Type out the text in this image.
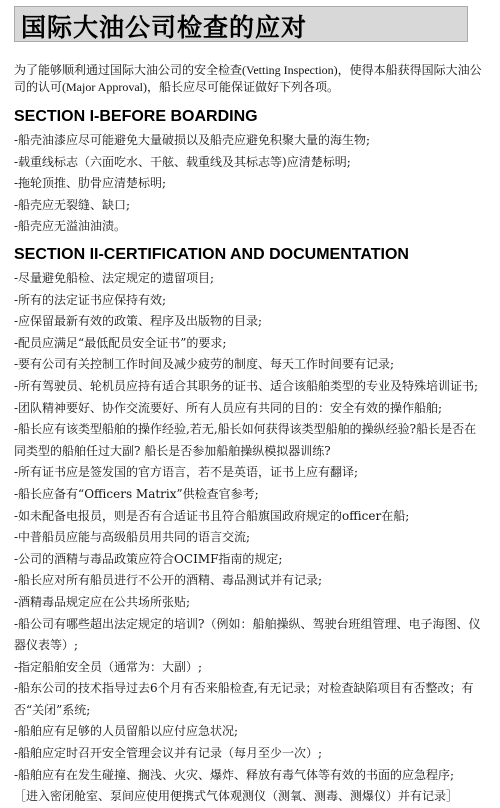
国际大油公司检查的应对
为了能够顺利通过国际大油公司的安全检查(Vetting Inspection)，使得本船获得国际大油公司的认可(Major Approval)，船长应尽可能保证做好下列各项。
SECTION I-BEFORE BOARDING
-船壳油漆应尽可能避免大量破损以及船壳应避免积聚大量的海生物;
-载重线标志（六面吃水、干舷、载重线及其标志等)应清楚标明;
-拖轮顶推、肋骨应清楚标明;
-船壳应无裂缝、缺口;
-船壳应无溢油油渍。
SECTION II-CERTIFICATION AND DOCUMENTATION
-尽量避免船检、法定规定的遗留项目;
-所有的法定证书应保持有效;
-应保留最新有效的政策、程序及出版物的目录;
-配员应满足“最低配员安全证书”的要求;
-要有公司有关控制工作时间及减少疲劳的制度、每天工作时间要有记录;
-所有驾驶员、轮机员应持有适合其职务的证书、适合该船舶类型的专业及特殊培训证书;
-团队精神要好、协作交流要好、所有人员应有共同的目的：安全有效的操作船舶;
-船长应有该类型船舶的操作经验,若无,船长如何获得该类型船舶的操纵经验?船长是否在同类型的船舶任过大副? 船长是否参加船舶操纵模拟器训练?
-所有证书应是签发国的官方语言，若不是英语，证书上应有翻译;
-船长应备有“Officers Matrix”供检查官参考;
-如未配备电报员，则是否有合适证书且符合船旗国政府规定的officer在船;
-中普船员应能与高级船员用共同的语言交流;
-公司的酒精与毒品政策应符合OCIMF指南的规定;
-船长应对所有船员进行不公开的酒精、毒品测试并有记录;
-酒精毒品规定应在公共场所张贴;
-船公司有哪些超出法定规定的培训?（例如：船舶操纵、驾驶台班组管理、电子海图、仪器仪表等）;
-指定船舶安全员（通常为：大副）;
-船东公司的技术指导过去6个月有否来船检查,有无记录；对检查缺陷项目有否整改；有否“关闭”系统;
-船舶应有足够的人员留船以应付应急状况;
-船舶应定时召开安全管理会议并有记录（每月至少一次）;
-船舶应有在发生碰撞、搁浅、火灾、爆炸、释放有毒气体等有效的书面的应急程序;
［进入密闭舱室、泵间应使用便携式气体观测仪（测氧、测毒、测爆仪）并有记录］
